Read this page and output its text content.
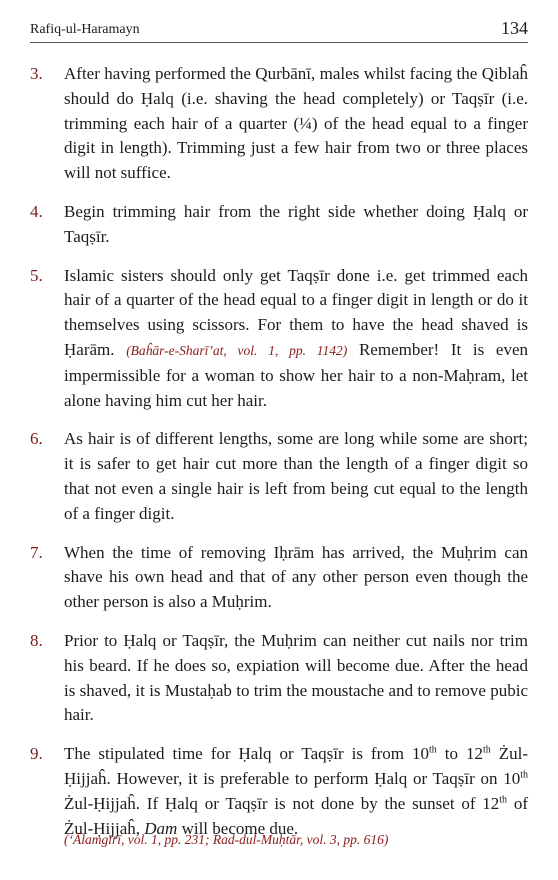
Rafiq-ul-Haramayn	134
3. After having performed the Qurbānī, males whilst facing the Qiblaĥ should do Ḥalq (i.e. shaving the head completely) or Taqṣīr (i.e. trimming each hair of a quarter (¼) of the head equal to a finger digit in length). Trimming just a few hair from two or three places will not suffice.
4. Begin trimming hair from the right side whether doing Ḥalq or Taqṣīr.
5. Islamic sisters should only get Taqṣīr done i.e. get trimmed each hair of a quarter of the head equal to a finger digit in length or do it themselves using scissors. For them to have the head shaved is Ḥarām. (Baĥār-e-Sharī’at, vol. 1, pp. 1142) Remember! It is even impermissible for a woman to show her hair to a non-Maḥram, let alone having him cut her hair.
6. As hair is of different lengths, some are long while some are short; it is safer to get hair cut more than the length of a finger digit so that not even a single hair is left from being cut equal to the length of a finger digit.
7. When the time of removing Iḥrām has arrived, the Muḥrim can shave his own head and that of any other person even though the other person is also a Muḥrim.
8. Prior to Ḥalq or Taqṣīr, the Muḥrim can neither cut nails nor trim his beard. If he does so, expiation will become due. After the head is shaved, it is Mustaḥab to trim the moustache and to remove pubic hair.
9. The stipulated time for Ḥalq or Taqṣīr is from 10th to 12th Żul-Ḥijjaĥ. However, it is preferable to perform Ḥalq or Taqṣīr on 10th Żul-Ḥijjaĥ. If Ḥalq or Taqṣīr is not done by the sunset of 12th of Żul-Ḥijjaĥ, Dam will become due.
(‘Ālamgīrī, vol. 1, pp. 231; Rad-dul-Muḥtār, vol. 3, pp. 616)
